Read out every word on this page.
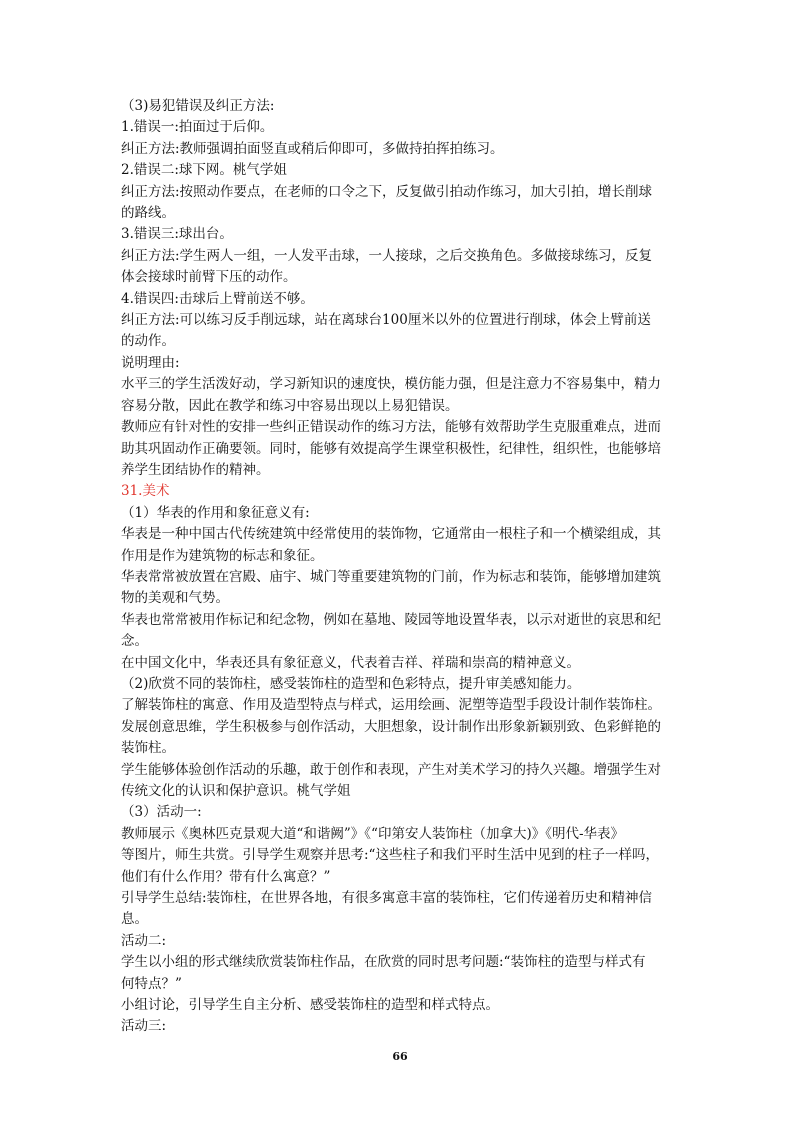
（3)易犯错误及纠正方法:
1.错误一:拍面过于后仰。
纠正方法:教师强调拍面竖直或稍后仰即可，多做持拍挥拍练习。
2.错误二:球下网。桃气学姐
纠正方法:按照动作要点，在老师的口令之下，反复做引拍动作练习，加大引拍，增长削球
的路线。
3.错误三:球出台。
纠正方法:学生两人一组，一人发平击球，一人接球，之后交换角色。多做接球练习，反复
体会接球时前臂下压的动作。
4.错误四:击球后上臂前送不够。
纠正方法:可以练习反手削远球，站在离球台100厘米以外的位置进行削球，体会上臂前送
的动作。
说明理由:
水平三的学生活泼好动，学习新知识的速度快，模仿能力强，但是注意力不容易集中，精力
容易分散，因此在教学和练习中容易出现以上易犯错误。
教师应有针对性的安排一些纠正错误动作的练习方法，能够有效帮助学生克服重难点，进而
助其巩固动作正确要领。同时，能够有效提高学生课堂积极性，纪律性，组织性，也能够培
养学生团结协作的精神。
31.美术
（1）华表的作用和象征意义有:
华表是一种中国古代传统建筑中经常使用的装饰物，它通常由一根柱子和一个横梁组成，其
作用是作为建筑物的标志和象征。
华表常常被放置在宫殿、庙宇、城门等重要建筑物的门前，作为标志和装饰，能够增加建筑
物的美观和气势。
华表也常常被用作标记和纪念物，例如在墓地、陵园等地设置华表，以示对逝世的哀思和纪
念。
在中国文化中，华表还具有象征意义，代表着吉祥、祥瑞和崇高的精神意义。
（2)欣赏不同的装饰柱，感受装饰柱的造型和色彩特点，提升审美感知能力。
了解装饰柱的寓意、作用及造型特点与样式，运用绘画、泥塑等造型手段设计制作装饰柱。
发展创意思维，学生积极参与创作活动，大胆想象，设计制作出形象新颖别致、色彩鲜艳的
装饰柱。
学生能够体验创作活动的乐趣，敢于创作和表现，产生对美术学习的持久兴趣。增强学生对
传统文化的认识和保护意识。桃气学姐
（3）活动一:
教师展示《奥林匹克景观大道“和谐阙”》《“印第安人装饰柱（加拿大)》《明代-华表》
等图片，师生共赏。引导学生观察并思考:“这些柱子和我们平时生活中见到的柱子一样吗，
他们有什么作用？带有什么寓意？”
引导学生总结:装饰柱，在世界各地，有很多寓意丰富的装饰柱，它们传递着历史和精神信
息。
活动二:
学生以小组的形式继续欣赏装饰柱作品，在欣赏的同时思考问题:“装饰柱的造型与样式有
何特点？”
小组讨论，引导学生自主分析、感受装饰柱的造型和样式特点。
活动三:
66
